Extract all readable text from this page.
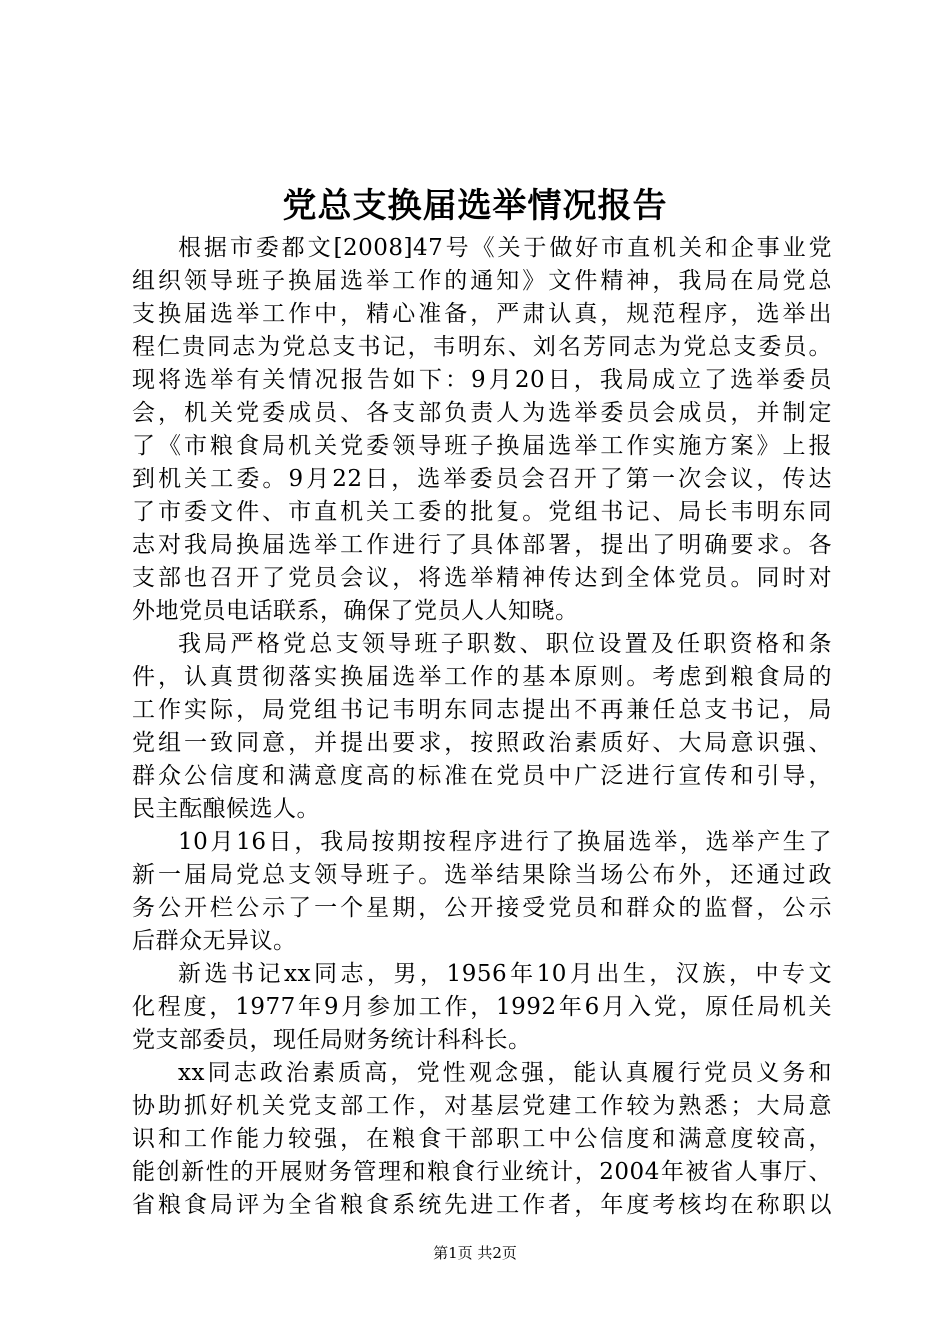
党总支换届选举情况报告
根据市委都文[2008]47号《关于做好市直机关和企事业党
组织领导班子换届选举工作的通知》文件精神，我局在局党总
支换届选举工作中，精心准备，严肃认真，规范程序，选举出
程仁贵同志为党总支书记，韦明东、刘名芳同志为党总支委员。
现将选举有关情况报告如下：9月20日，我局成立了选举委员
会，机关党委成员、各支部负责人为选举委员会成员，并制定
了《市粮食局机关党委领导班子换届选举工作实施方案》上报
到机关工委。9月22日，选举委员会召开了第一次会议，传达
了市委文件、市直机关工委的批复。党组书记、局长韦明东同
志对我局换届选举工作进行了具体部署，提出了明确要求。各
支部也召开了党员会议，将选举精神传达到全体党员。同时对
外地党员电话联系，确保了党员人人知晓。
我局严格党总支领导班子职数、职位设置及任职资格和条
件，认真贯彻落实换届选举工作的基本原则。考虑到粮食局的
工作实际，局党组书记韦明东同志提出不再兼任总支书记，局
党组一致同意，并提出要求，按照政治素质好、大局意识强、
群众公信度和满意度高的标准在党员中广泛进行宣传和引导，
民主酝酿候选人。
10月16日，我局按期按程序进行了换届选举，选举产生了
新一届局党总支领导班子。选举结果除当场公布外，还通过政
务公开栏公示了一个星期，公开接受党员和群众的监督，公示
后群众无异议。
新选书记xx同志，男，1956年10月出生，汉族，中专文
化程度，1977年9月参加工作，1992年6月入党，原任局机关
党支部委员，现任局财务统计科科长。
xx同志政治素质高，党性观念强，能认真履行党员义务和
协助抓好机关党支部工作，对基层党建工作较为熟悉；大局意
识和工作能力较强，在粮食干部职工中公信度和满意度较高，
能创新性的开展财务管理和粮食行业统计，2004年被省人事厅、
省粮食局评为全省粮食系统先进工作者，年度考核均在称职以
第1页 共2页
